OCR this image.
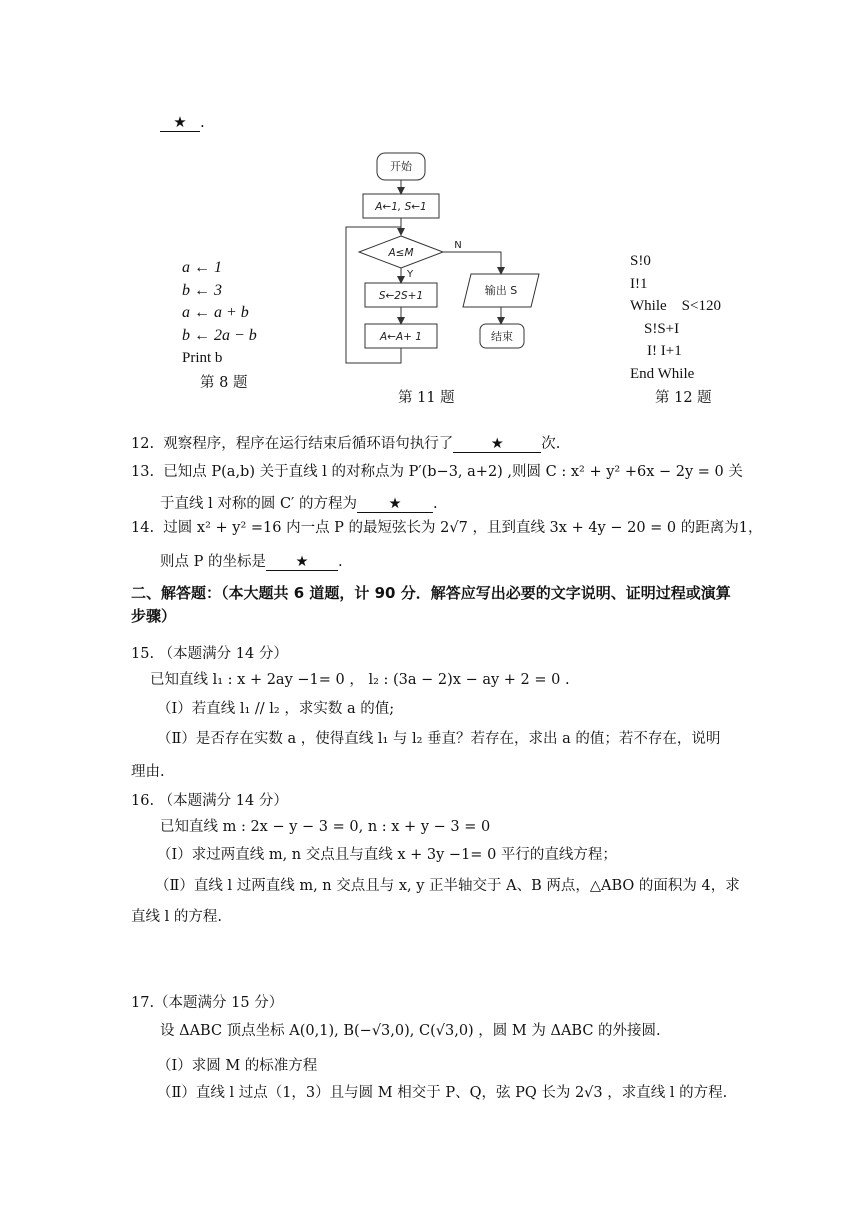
★ .
a ← 1
b ← 3
a ← a + b
b ← 2a − b
Print b
第 8 题
开始
A←1, S←1
A≤M
Y
N
S←2S+1
A←A+ 1
输出 S
结束
第 11 题
S!0
I!1
While    S<120
S!S+I
I! I+1
End While
第 12 题
12. 观察程序，程序在运行结束后循环语句执行了	★	次.
13. 已知点 P(a,b) 关于直线 l 的对称点为 P′(b−3, a+2) ,则圆 C : x² + y² +6x − 2y = 0 关
于直线 l 对称的圆 C′ 的方程为 ★ .
14. 过圆 x² + y² =16 内一点 P 的最短弦长为 2√7 ，且到直线 3x + 4y − 20 = 0 的距离为1，
则点 P 的坐标是 ★ .
二、解答题：（本大题共 6 道题，计 90 分．解答应写出必要的文字说明、证明过程或演算
步骤）
15. （本题满分 14 分）
已知直线 l₁ : x + 2ay −1= 0 ， l₂ : (3a − 2)x − ay + 2 = 0 .
（Ⅰ）若直线 l₁ // l₂ ，求实数 a 的值;
（Ⅱ）是否存在实数 a ，使得直线 l₁ 与 l₂ 垂直？若存在，求出 a 的值；若不存在，说明
理由.
16. （本题满分 14 分）
已知直线 m : 2x − y − 3 = 0, n : x + y − 3 = 0
（Ⅰ）求过两直线 m, n 交点且与直线 x + 3y −1= 0 平行的直线方程；
（Ⅱ）直线 l 过两直线 m, n 交点且与 x, y 正半轴交于 A、B 两点，△ABO 的面积为 4，求
直线 l 的方程.
17.（本题满分 15 分）
设 ΔABC 顶点坐标 A(0,1), B(−√3,0), C(√3,0) ，圆 M 为 ΔABC 的外接圆.
（Ⅰ）求圆 M 的标准方程
（Ⅱ）直线 l 过点（1，3）且与圆 M 相交于 P、Q，弦 PQ 长为 2√3 ，求直线 l 的方程.
